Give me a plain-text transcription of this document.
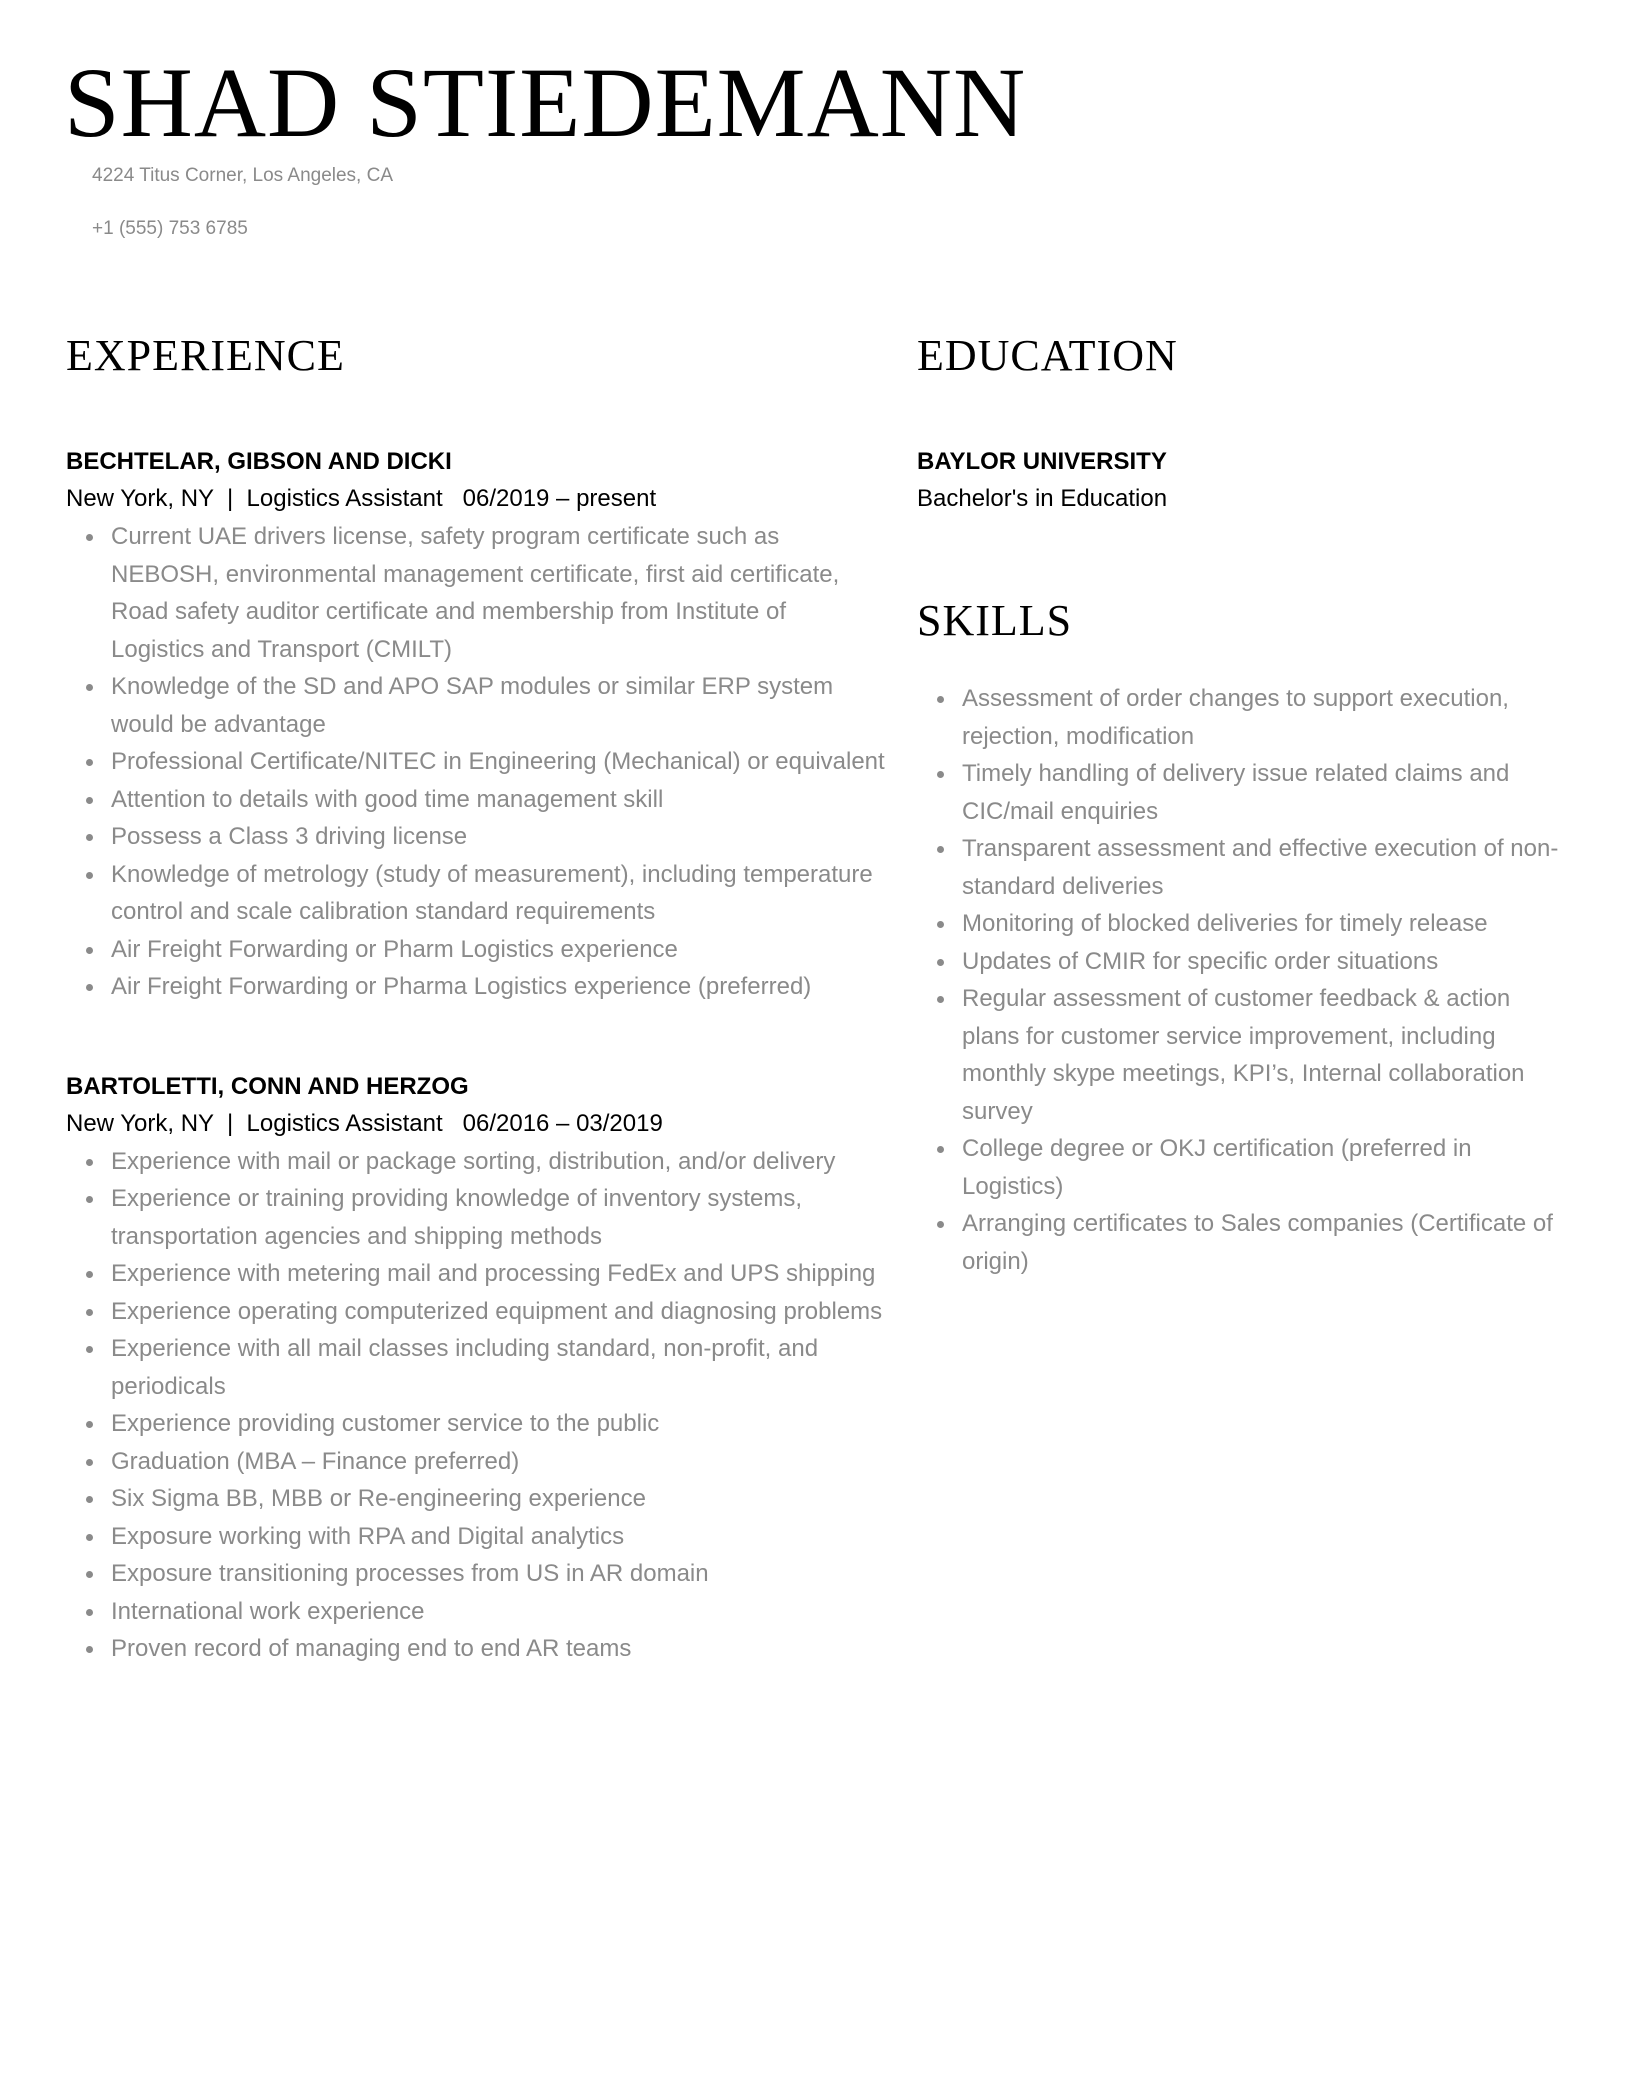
SHAD STIEDEMANN
4224 Titus Corner, Los Angeles, CA
+1 (555) 753 6785
EXPERIENCE
BECHTELAR, GIBSON AND DICKI
New York, NY  |  Logistics Assistant   06/2019 – present
Current UAE drivers license, safety program certificate such as NEBOSH, environmental management certificate, first aid certificate, Road safety auditor certificate and membership from Institute of Logistics and Transport (CMILT)
Knowledge of the SD and APO SAP modules or similar ERP system would be advantage
Professional Certificate/NITEC in Engineering (Mechanical) or equivalent
Attention to details with good time management skill
Possess a Class 3 driving license
Knowledge of metrology (study of measurement), including temperature control and scale calibration standard requirements
Air Freight Forwarding or Pharm Logistics experience
Air Freight Forwarding or Pharma Logistics experience (preferred)
BARTOLETTI, CONN AND HERZOG
New York, NY  |  Logistics Assistant   06/2016 – 03/2019
Experience with mail or package sorting, distribution, and/or delivery
Experience or training providing knowledge of inventory systems, transportation agencies and shipping methods
Experience with metering mail and processing FedEx and UPS shipping
Experience operating computerized equipment and diagnosing problems
Experience with all mail classes including standard, non-profit, and periodicals
Experience providing customer service to the public
Graduation (MBA – Finance preferred)
Six Sigma BB, MBB or Re-engineering experience
Exposure working with RPA and Digital analytics
Exposure transitioning processes from US in AR domain
International work experience
Proven record of managing end to end AR teams
EDUCATION
BAYLOR UNIVERSITY
Bachelor's in Education
SKILLS
Assessment of order changes to support execution, rejection, modification
Timely handling of delivery issue related claims and CIC/mail enquiries
Transparent assessment and effective execution of non-standard deliveries
Monitoring of blocked deliveries for timely release
Updates of CMIR for specific order situations
Regular assessment of customer feedback & action plans for customer service improvement, including monthly skype meetings, KPI’s, Internal collaboration survey
College degree or OKJ certification (preferred in Logistics)
Arranging certificates to Sales companies (Certificate of origin)
